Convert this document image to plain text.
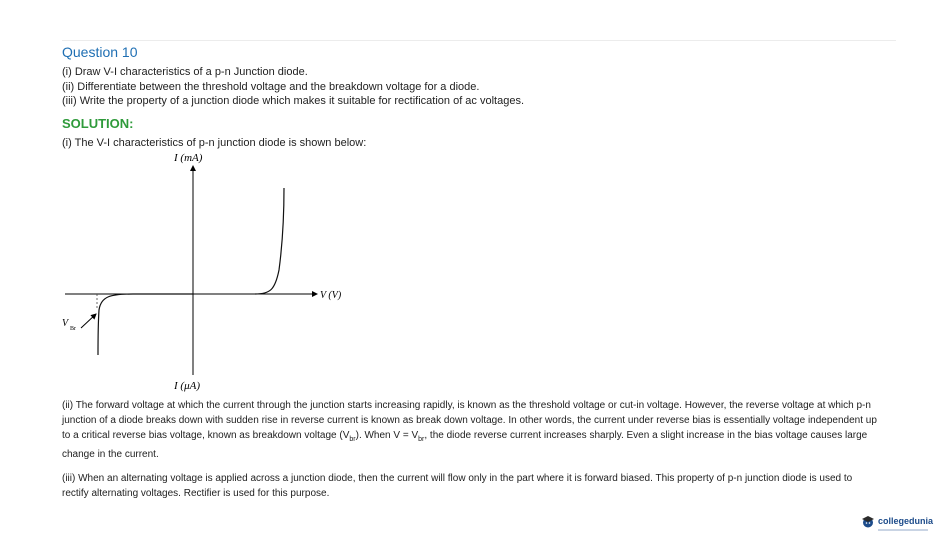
Question 10
(i) Draw V-I characteristics of a p-n Junction diode.
(ii) Differentiate between the threshold voltage and the breakdown voltage for a diode.
(iii) Write the property of a junction diode which makes it suitable for rectification of ac voltages.
SOLUTION:
(i) The V-I characteristics of p-n junction diode is shown below:
I (mA)
V (V)
I (μA)
V Br
(ii) The forward voltage at which the current through the junction starts increasing rapidly, is known as the threshold voltage or cut-in voltage. However, the reverse voltage at which p-n junction of a diode breaks down with sudden rise in reverse current is known as break down voltage. In other words, the current under reverse bias is essentially voltage independent up to a critical reverse bias voltage, known as breakdown voltage $(V_{br})$. When $V = V_{br}$, the diode reverse current increases sharply. Even a slight increase in the bias voltage causes large change in the current.
(iii) When an alternating voltage is applied across a junction diode, then the current will flow only in the part where it is forward biased. This property of p-n junction diode is used to rectify alternating voltages. Rectifier is used for this purpose.
collegedunia
